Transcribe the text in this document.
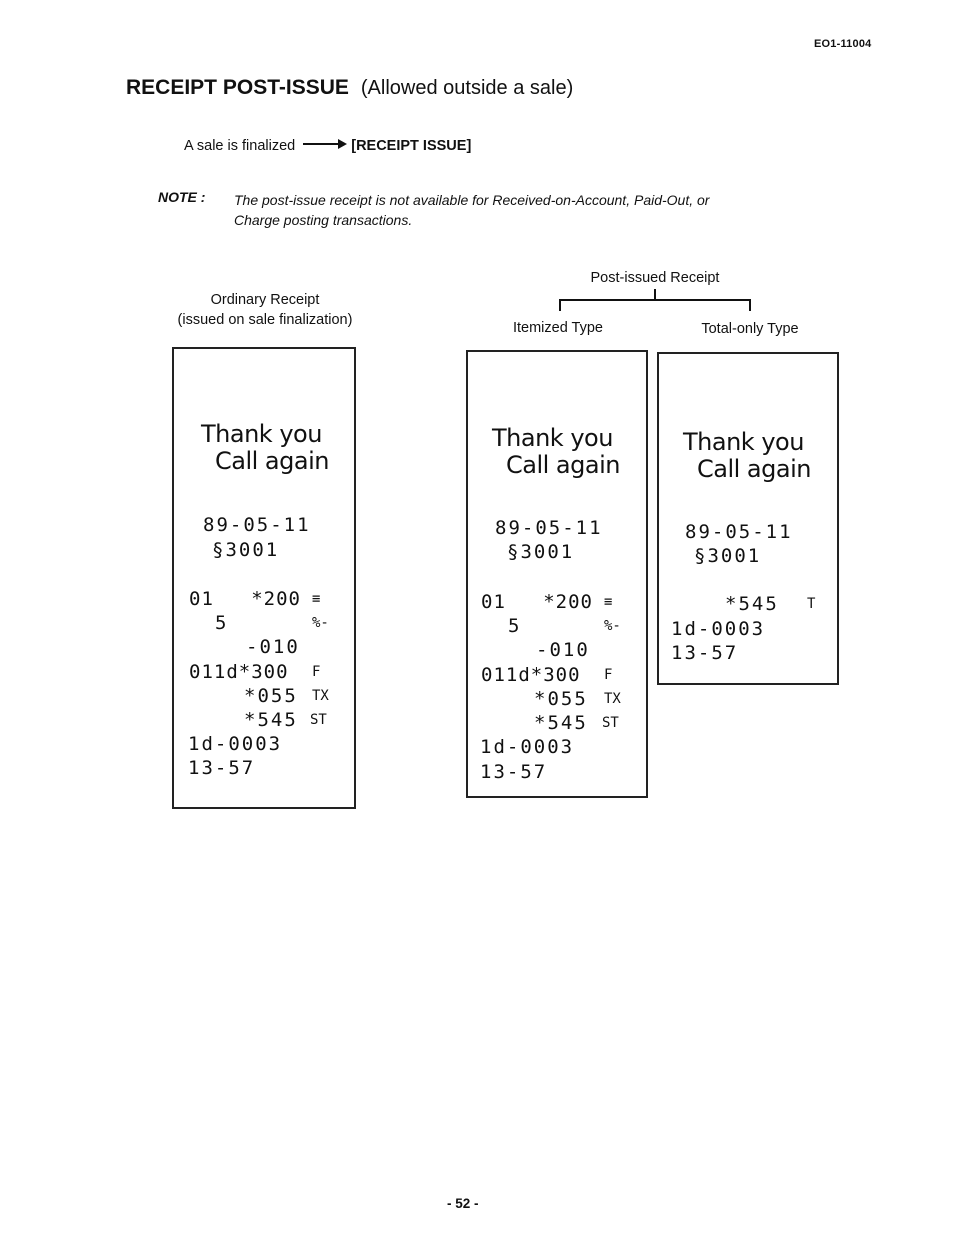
EO1-11004
RECEIPT POST-ISSUE (Allowed outside a sale)
A sale is finalized	[RECEIPT ISSUE]
NOTE : The post-issue receipt is not available for Received-on-Account, Paid-Out, or
Charge posting transactions.
Ordinary Receipt
(issued on sale finalization)
Post-issued Receipt
Itemized Type	Total-only Type
Thank you
Call again
89-05-11
§3001
01   *200 ≡
5	%-
-010
011d*300 F
*055 TX
*545 ST
1d-0003
13-57
Thank you
Call again
89-05-11
§3001
01   *200 ≡
5	%-
-010
011d*300 F
*055 TX
*545 ST
1d-0003
13-57
Thank you
Call again
89-05-11
§3001
*545 T
1d-0003
13-57
- 52 -
